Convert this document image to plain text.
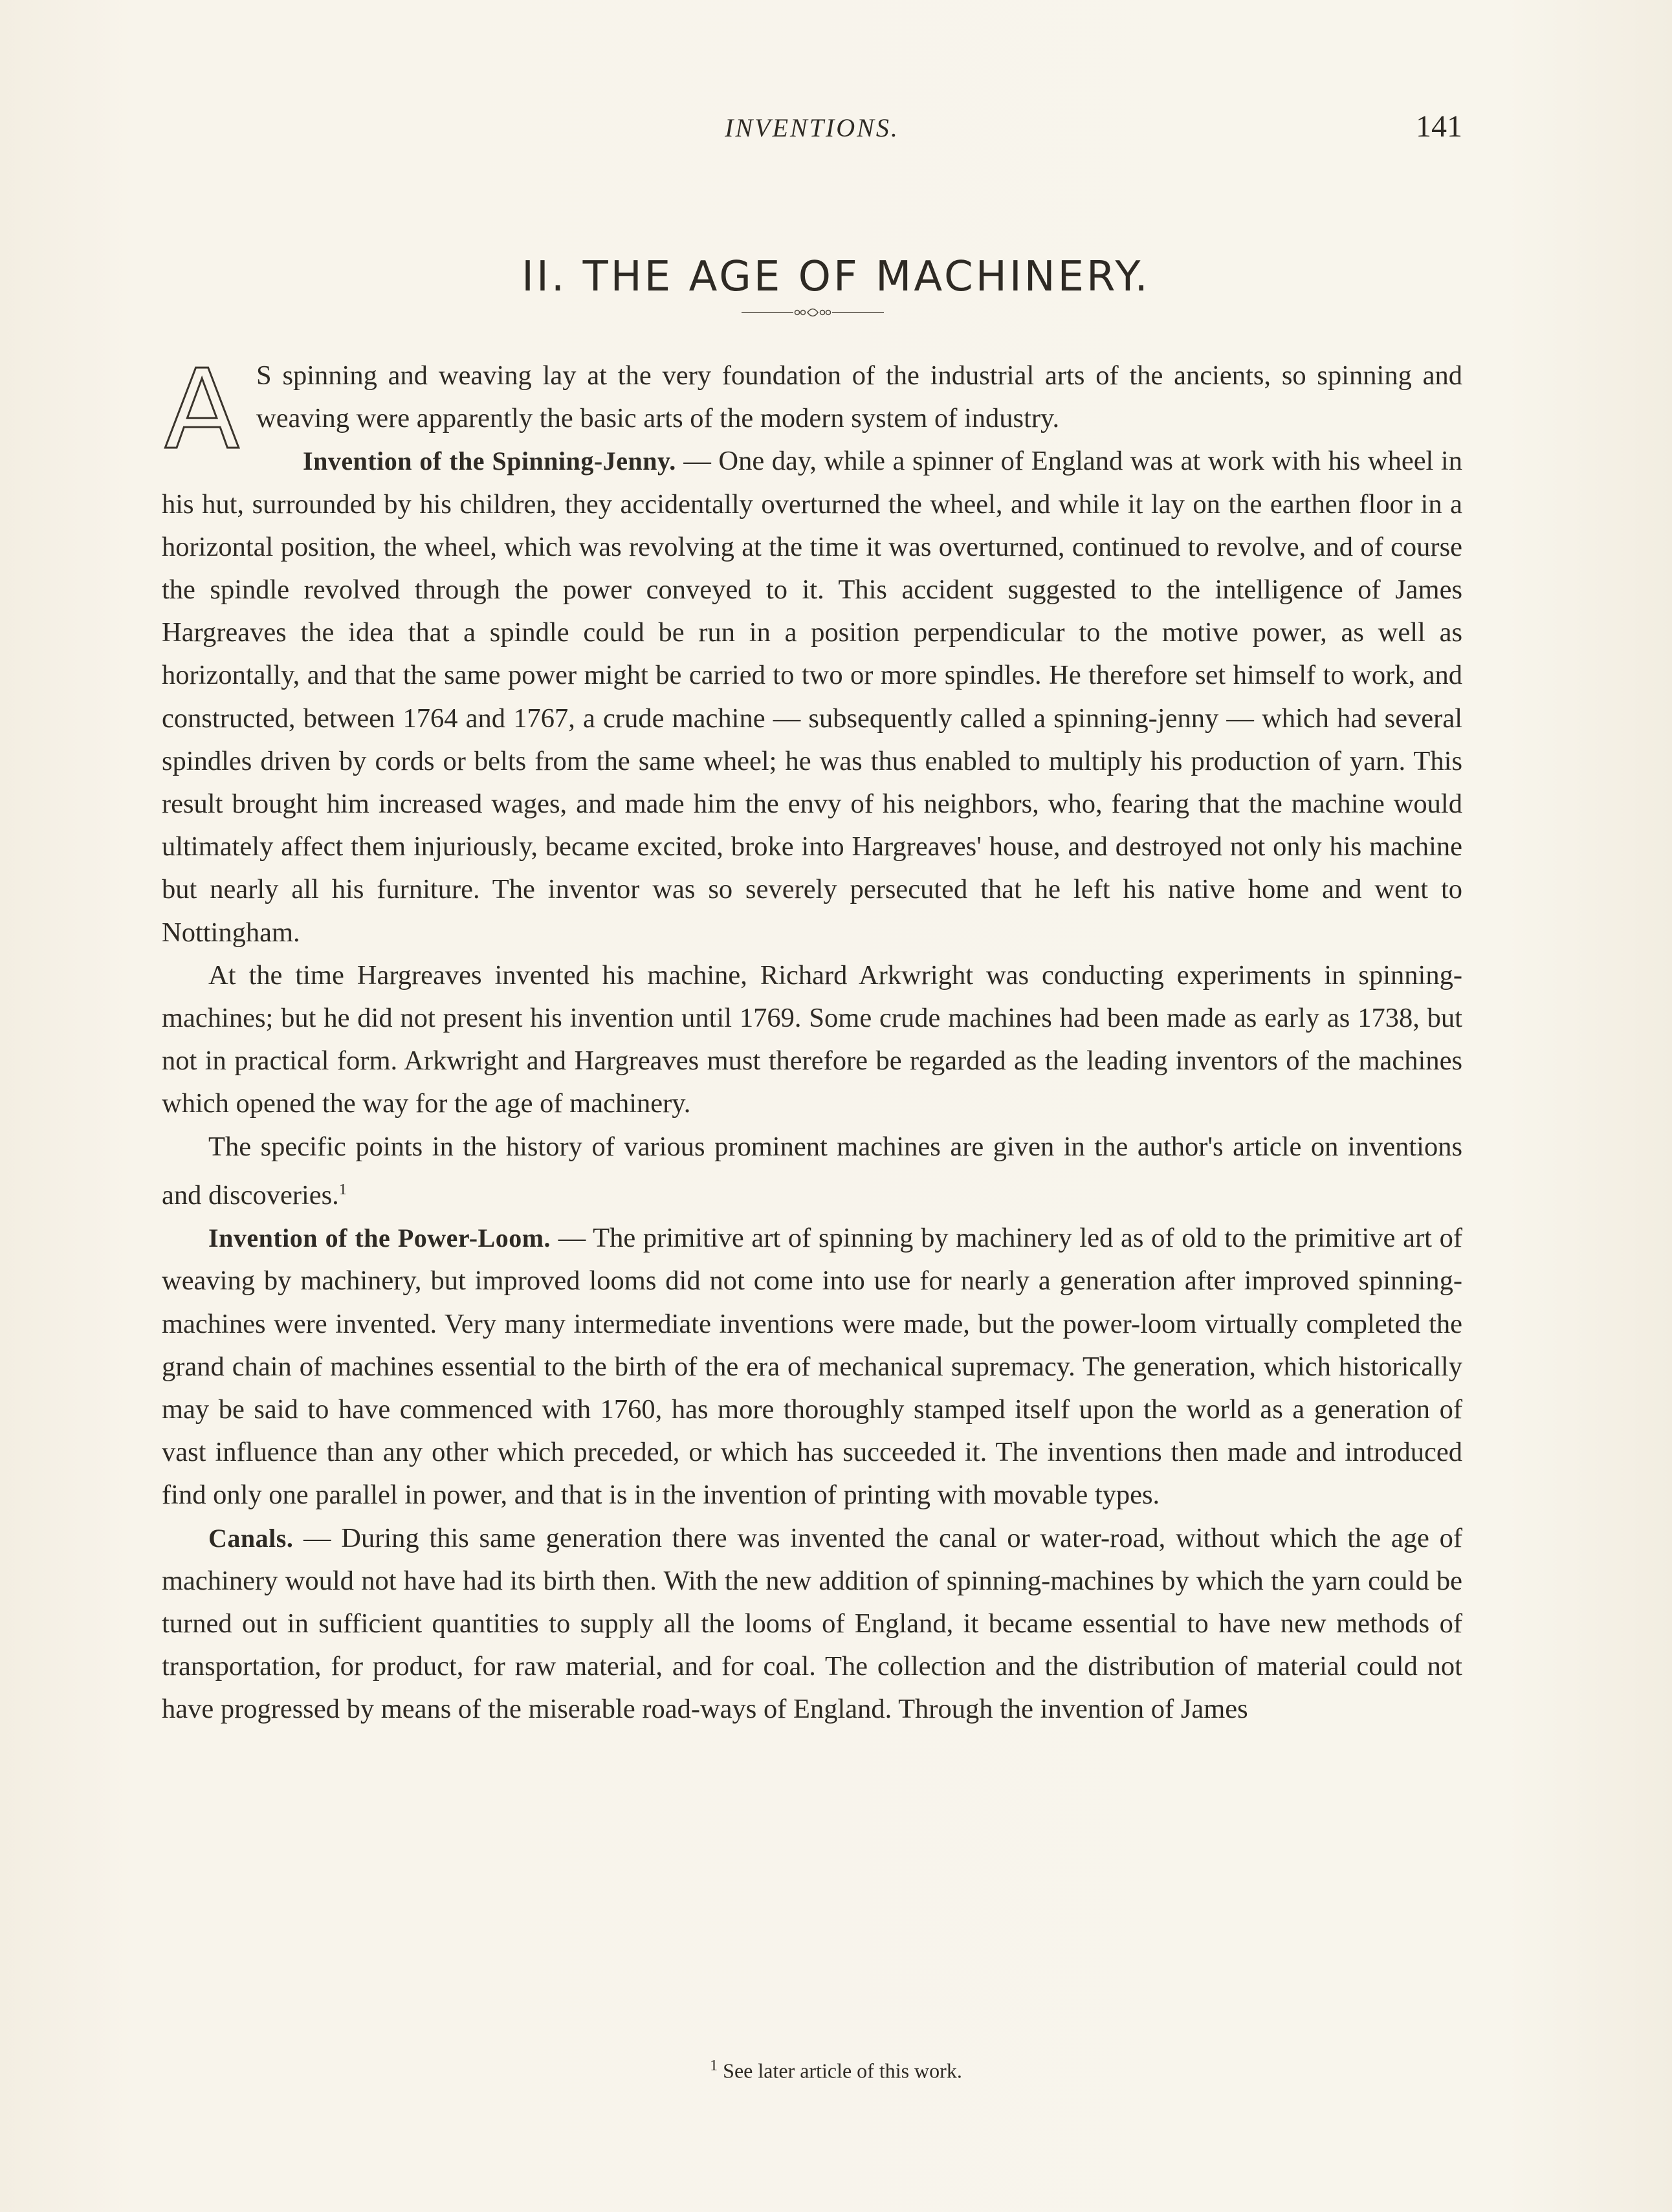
INVENTIONS.	141
II. THE AGE OF MACHINERY.

A S spinning and weaving lay at the very foundation of the industrial arts of the ancients, so spinning and weaving were apparently the basic arts of the modern system of industry.

Invention of the Spinning-Jenny. — One day, while a spinner of England was at work with his wheel in his hut, surrounded by his children, they accidentally overturned the wheel, and while it lay on the earthen floor in a horizontal position, the wheel, which was revolving at the time it was overturned, continued to revolve, and of course the spindle revolved through the power conveyed to it. This accident suggested to the intelligence of James Hargreaves the idea that a spindle could be run in a position perpendicular to the motive power, as well as horizontally, and that the same power might be carried to two or more spindles. He therefore set himself to work, and constructed, between 1764 and 1767, a crude machine — subsequently called a spinning-jenny — which had several spindles driven by cords or belts from the same wheel; he was thus enabled to multiply his production of yarn. This result brought him increased wages, and made him the envy of his neighbors, who, fearing that the machine would ultimately affect them injuriously, became excited, broke into Hargreaves' house, and destroyed not only his machine but nearly all his furniture. The inventor was so severely persecuted that he left his native home and went to Nottingham.

At the time Hargreaves invented his machine, Richard Arkwright was conducting experiments in spinning-machines; but he did not present his invention until 1769. Some crude machines had been made as early as 1738, but not in practical form. Arkwright and Hargreaves must therefore be regarded as the leading inventors of the machines which opened the way for the age of machinery.

The specific points in the history of various prominent machines are given in the author's article on inventions and discoveries.$^1$

Invention of the Power-Loom. — The primitive art of spinning by machinery led as of old to the primitive art of weaving by machinery, but improved looms did not come into use for nearly a generation after improved spinning-machines were invented. Very many intermediate inventions were made, but the power-loom virtually completed the grand chain of machines essential to the birth of the era of mechanical supremacy. The generation, which historically may be said to have commenced with 1760, has more thoroughly stamped itself upon the world as a generation of vast influence than any other which preceded, or which has succeeded it. The inventions then made and introduced find only one parallel in power, and that is in the invention of printing with movable types.

Canals. — During this same generation there was invented the canal or water-road, without which the age of machinery would not have had its birth then. With the new addition of spinning-machines by which the yarn could be turned out in sufficient quantities to supply all the looms of England, it became essential to have new methods of transportation, for product, for raw material, and for coal. The collection and the distribution of material could not have progressed by means of the miserable road-ways of England. Through the invention of James

$^1$ See later article of this work.
